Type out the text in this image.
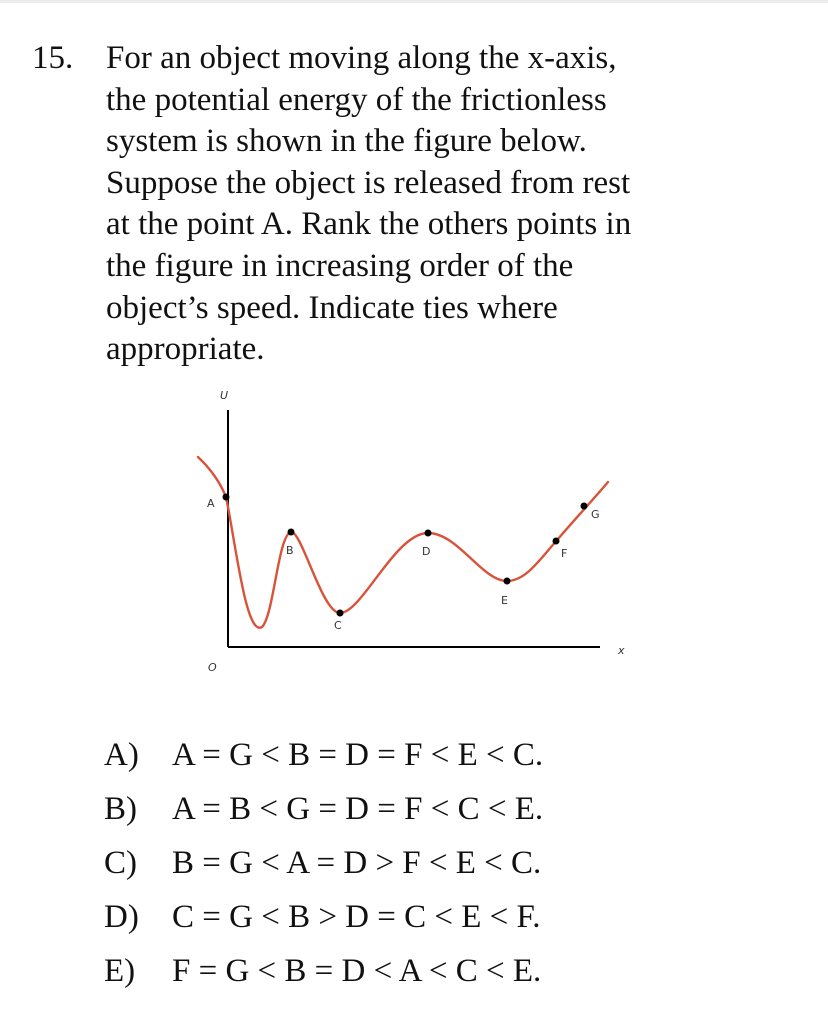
15. For an object moving along the x-axis,
the potential energy of the frictionless
system is shown in the figure below.
Suppose the object is released from rest
at the point A. Rank the others points in
the figure in increasing order of the
object’s speed. Indicate ties where
appropriate.
U
x
O
A
B
C
D
E
F
G
A) A = G < B = D = F < E < C.
B) A = B < G = D = F < C < E.
C) B = G < A = D > F < E < C.
D) C = G < B > D = C < E < F.
E) F = G < B = D < A < C < E.
